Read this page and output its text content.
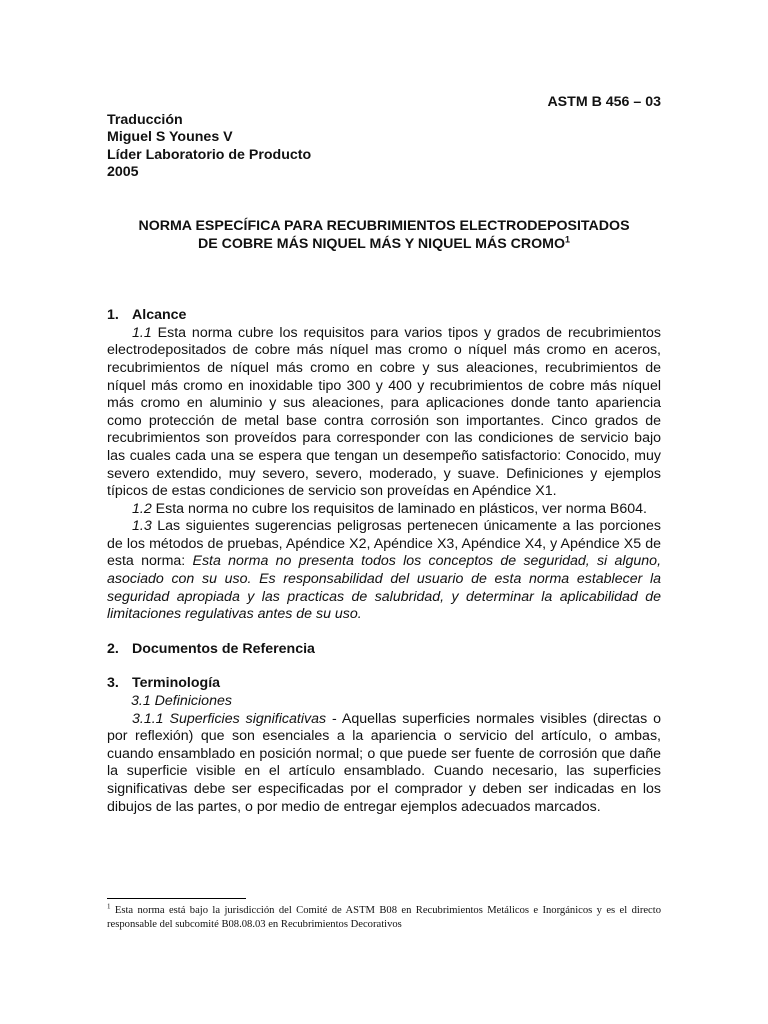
ASTM B 456 – 03
Traducción
Miguel S Younes V
Líder Laboratorio de Producto
2005
NORMA ESPECÍFICA PARA RECUBRIMIENTOS ELECTRODEPOSITADOS
DE COBRE MÁS NIQUEL MÁS Y NIQUEL MÁS CROMO$^1$
1. Alcance

1.1 Esta norma cubre los requisitos para varios tipos y grados de recubrimientos electrodepositados de cobre más níquel mas cromo o níquel más cromo en aceros, recubrimientos de níquel más cromo en cobre y sus aleaciones, recubrimientos de níquel más cromo en inoxidable tipo 300 y 400 y recubrimientos de cobre más níquel más cromo en aluminio y sus aleaciones, para aplicaciones donde tanto apariencia como protección de metal base contra corrosión son importantes. Cinco grados de recubrimientos son proveídos para corresponder con las condiciones de servicio bajo las cuales cada una se espera que tengan un desempeño satisfactorio: Conocido, muy severo extendido, muy severo, severo, moderado, y suave. Definiciones y ejemplos típicos de estas condiciones de servicio son proveídas en Apéndice X1.

1.2 Esta norma no cubre los requisitos de laminado en plásticos, ver norma B604.

1.3 Las siguientes sugerencias peligrosas pertenecen únicamente a las porciones de los métodos de pruebas, Apéndice X2, Apéndice X3, Apéndice X4, y Apéndice X5 de esta norma: Esta norma no presenta todos los conceptos de seguridad, si alguno, asociado con su uso. Es responsabilidad del usuario de esta norma establecer la seguridad apropiada y las practicas de salubridad, y determinar la aplicabilidad de limitaciones regulativas antes de su uso.

2. Documentos de Referencia
3. Terminología
3.1 Definiciones

3.1.1 Superficies significativas - Aquellas superficies normales visibles (directas o por reflexión) que son esenciales a la apariencia o servicio del artículo, o ambas, cuando ensamblado en posición normal; o que puede ser fuente de corrosión que dañe la superficie visible en el artículo ensamblado. Cuando necesario, las superficies significativas debe ser especificadas por el comprador y deben ser indicadas en los dibujos de las partes, o por medio de entregar ejemplos adecuados marcados.

$^1$ Esta norma está bajo la jurisdicción del Comité de ASTM B08 en Recubrimientos Metálicos e Inorgánicos y es el directo responsable del subcomité B08.08.03 en Recubrimientos Decorativos
